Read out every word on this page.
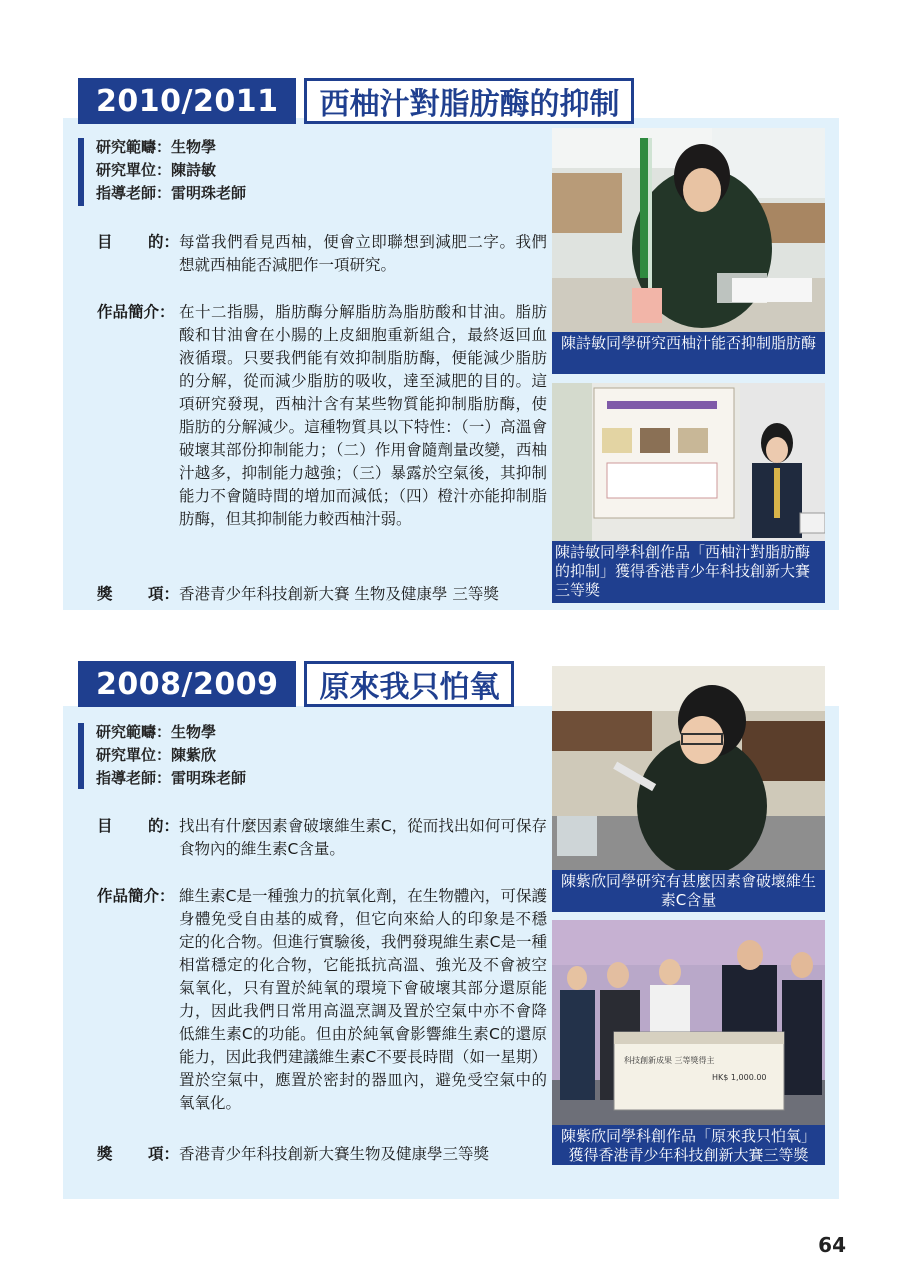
2010/2011	西柚汁對脂肪酶的抑制
研究範疇：生物學
研究單位：陳詩敏
指導老師：雷明珠老師
目 的： 每當我們看見西柚，便會立即聯想到減肥二字。我們想就西柚能否減肥作一項研究。
作品簡介： 在十二指腸，脂肪酶分解脂肪為脂肪酸和甘油。脂肪酸和甘油會在小腸的上皮細胞重新組合，最終返回血液循環。只要我們能有效抑制脂肪酶，便能減少脂肪的分解，從而減少脂肪的吸收，達至減肥的目的。這項研究發現，西柚汁含有某些物質能抑制脂肪酶，使脂肪的分解減少。這種物質具以下特性：（一）高溫會破壞其部份抑制能力；（二）作用會隨劑量改變，西柚汁越多，抑制能力越強；（三）暴露於空氣後，其抑制能力不會隨時間的增加而減低；（四）橙汁亦能抑制脂肪酶，但其抑制能力較西柚汁弱。
獎 項： 香港青少年科技創新大賽 生物及健康學 三等獎
陳詩敏同學研究西柚汁能否抑制脂肪酶
陳詩敏同學科創作品「西柚汁對脂肪酶的抑制」獲得香港青少年科技創新大賽三等獎
2008/2009	原來我只怕氧
研究範疇：生物學
研究單位：陳紫欣
指導老師：雷明珠老師
目 的： 找出有什麼因素會破壞維生素C，從而找出如何可保存食物內的維生素C含量。
作品簡介： 維生素C是一種強力的抗氧化劑，在生物體內，可保護身體免受自由基的威脅，但它向來給人的印象是不穩定的化合物。但進行實驗後，我們發現維生素C是一種相當穩定的化合物，它能抵抗高溫、強光及不會被空氣氧化，只有置於純氧的環境下會破壞其部分還原能力，因此我們日常用高溫烹調及置於空氣中亦不會降低維生素C的功能。但由於純氧會影響維生素C的還原能力，因此我們建議維生素C不要長時間（如一星期）置於空氣中，應置於密封的器皿內，避免受空氣中的氧氧化。
獎 項： 香港青少年科技創新大賽生物及健康學三等獎
陳紫欣同學研究有甚麼因素會破壞維生素C含量
科技創新成果 三等獎得主
HK$ 1,000.00
陳紫欣同學科創作品「原來我只怕氧」獲得香港青少年科技創新大賽三等獎
64
